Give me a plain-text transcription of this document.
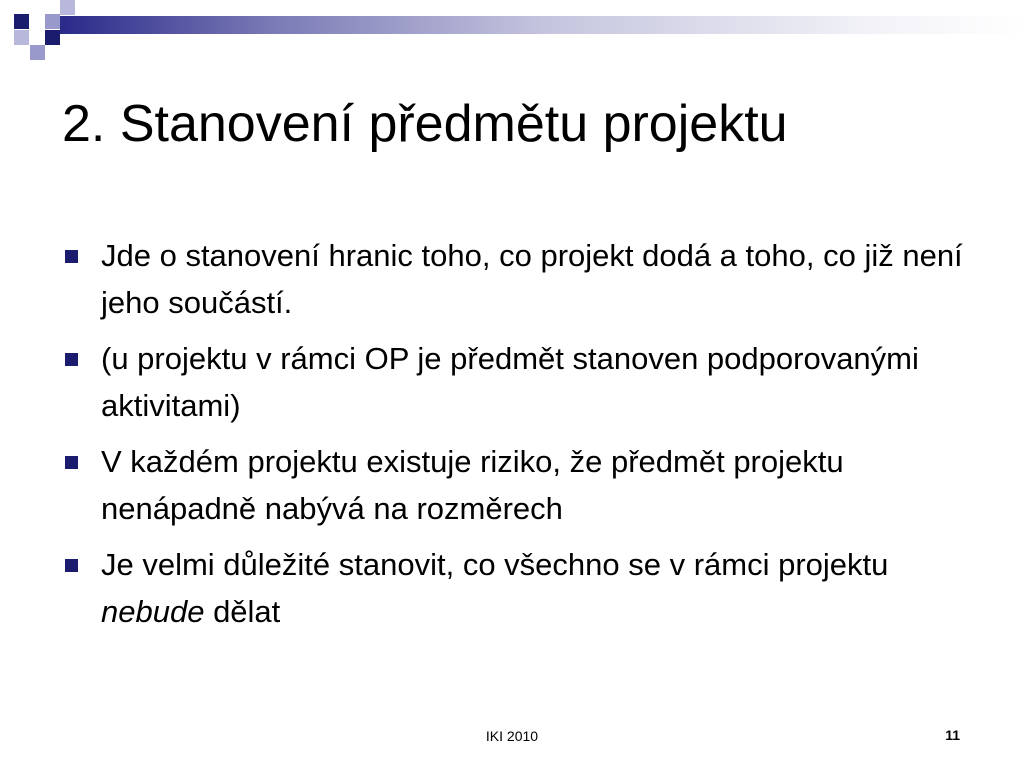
2. Stanovení předmětu projektu
Jde o stanovení hranic toho, co projekt dodá a toho, co již není jeho součástí.
(u projektu v rámci OP je předmět stanoven podporovanými aktivitami)
V každém projektu existuje riziko, že předmět projektu nenápadně nabývá na rozměrech
Je velmi důležité stanovit, co všechno se v rámci projektu nebude dělat
IKI 2010	11
